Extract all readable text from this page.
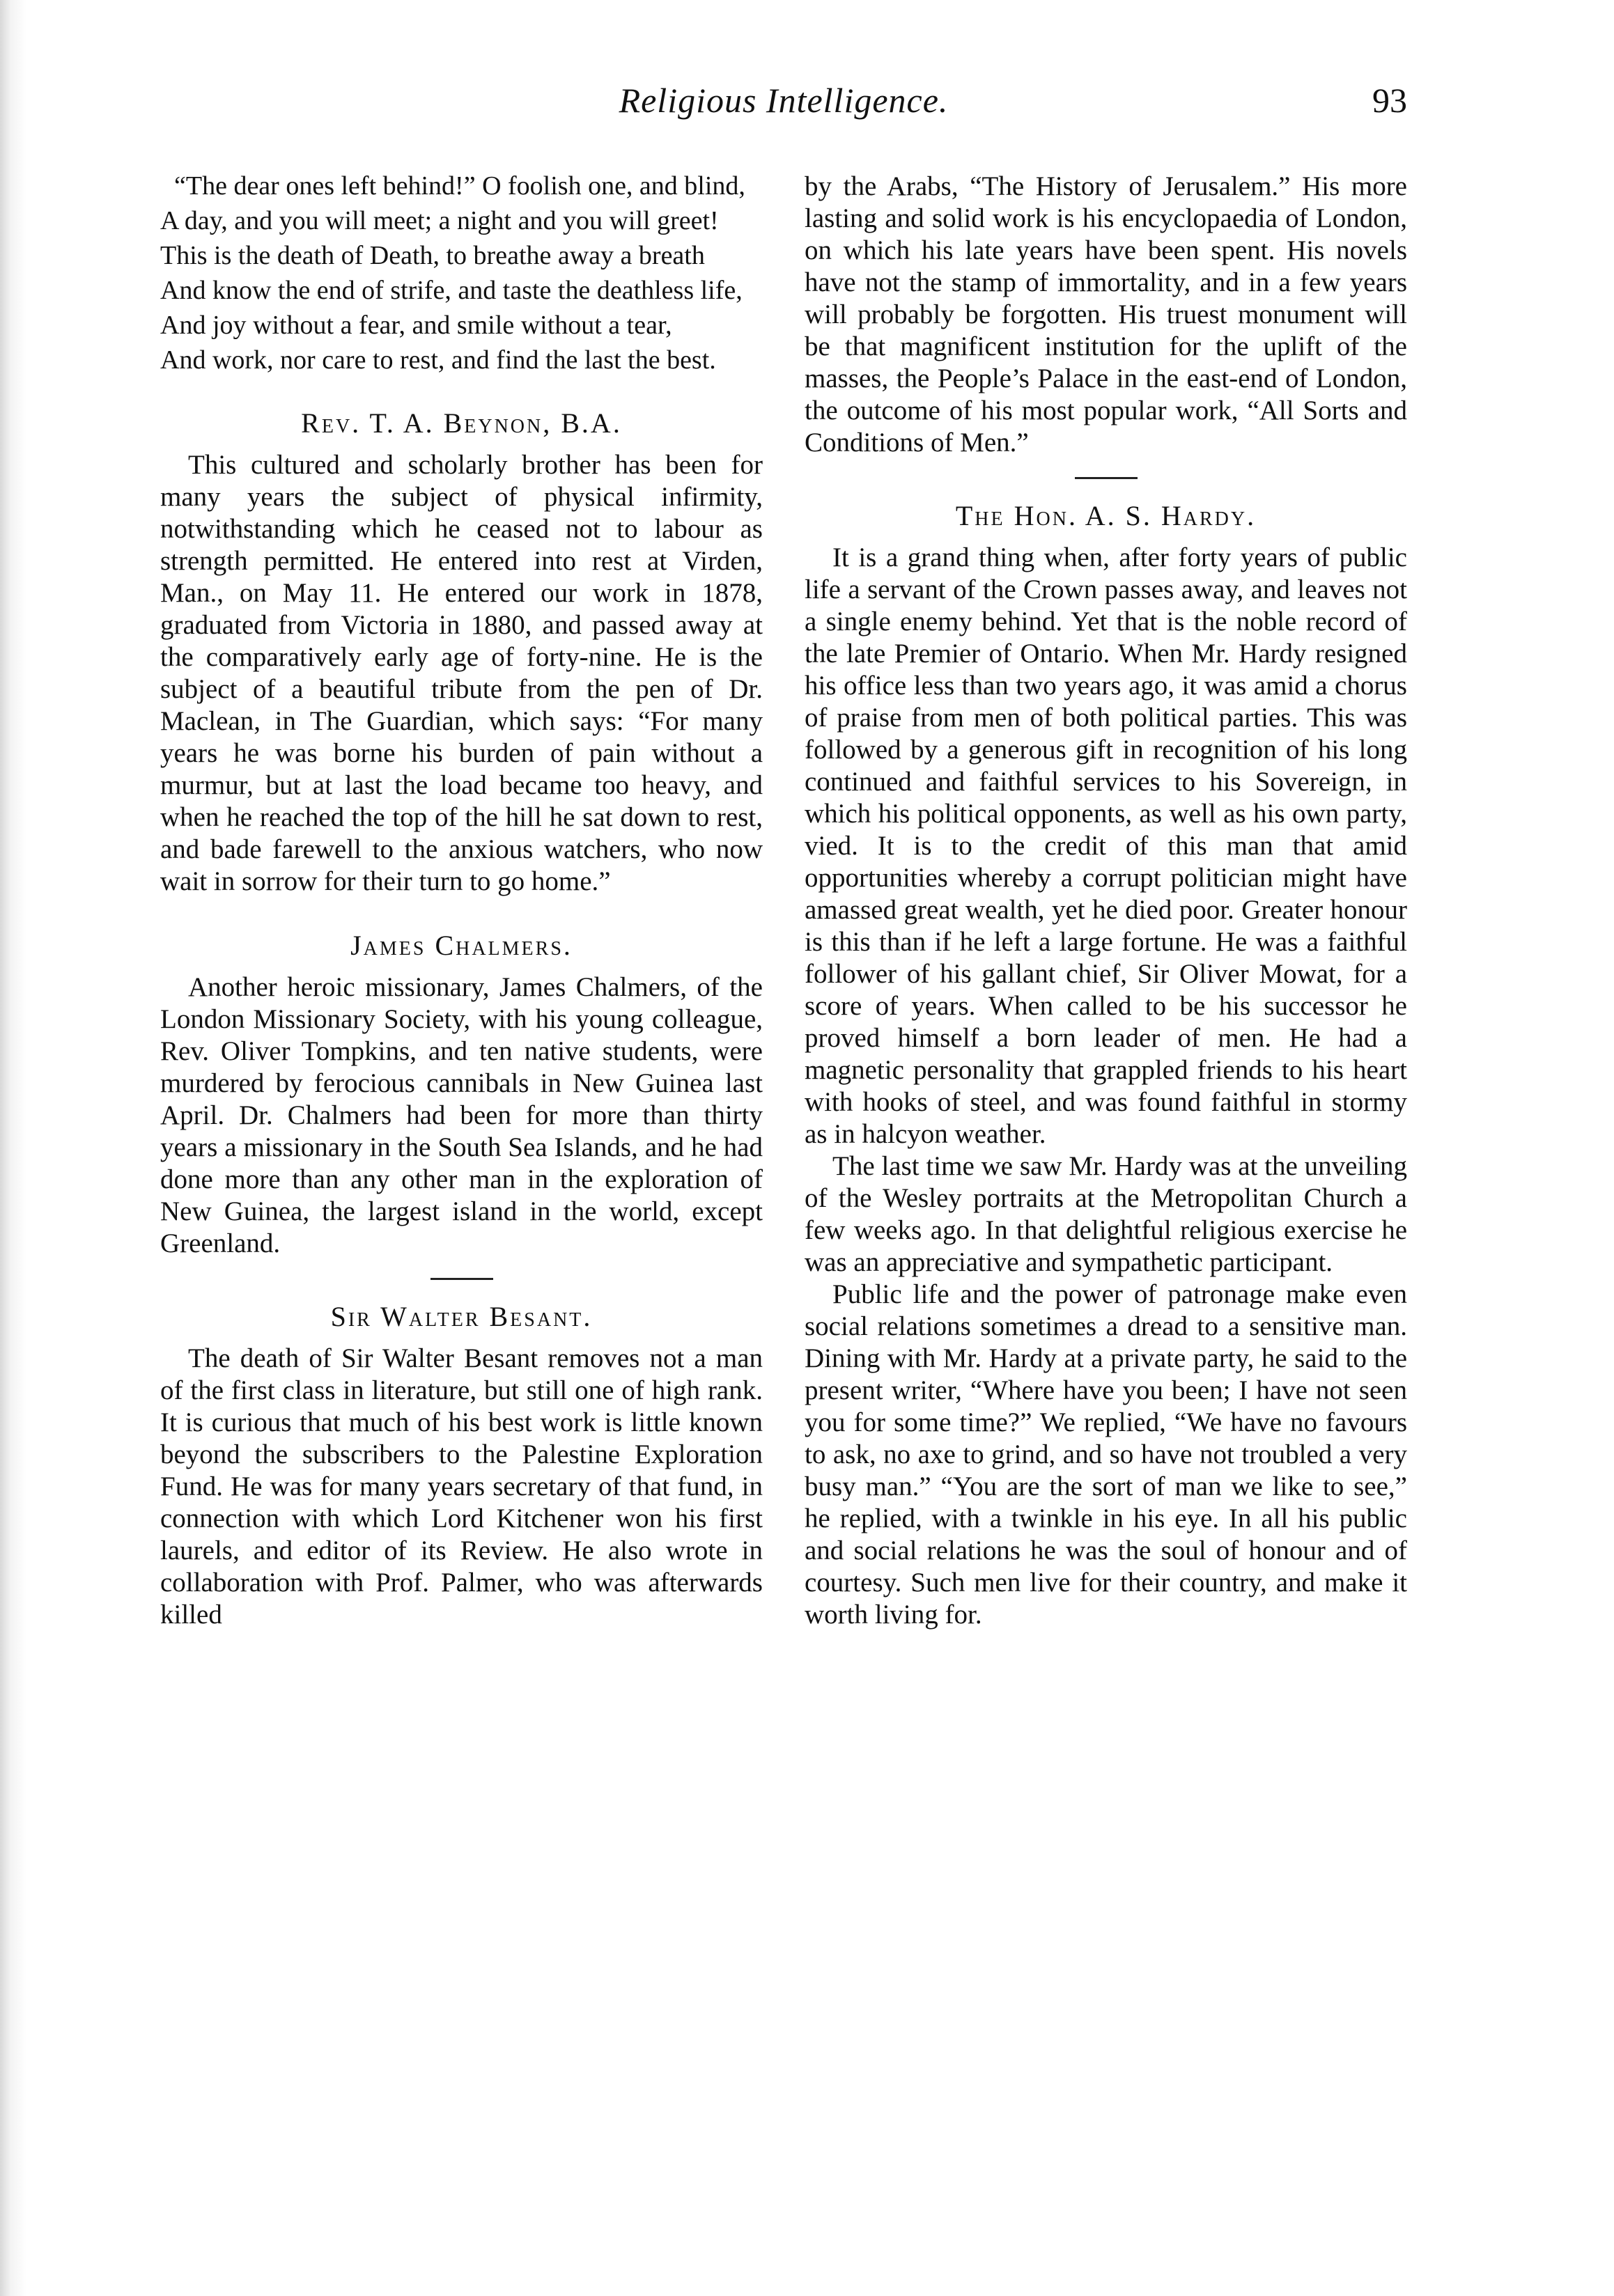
Religious Intelligence.	93
“The dear ones left behind!” O foolish one, and blind,
A day, and you will meet; a night and you will greet!
This is the death of Death, to breathe away a breath
And know the end of strife, and taste the deathless life,
And joy without a fear, and smile without a tear,
And work, nor care to rest, and find the last the best.
Rev. T. A. Beynon, B.A.

This cultured and scholarly brother has been for many years the subject of physical infirmity, notwithstanding which he ceased not to labour as strength permitted. He entered into rest at Virden, Man., on May 11. He entered our work in 1878, graduated from Victoria in 1880, and passed away at the comparatively early age of forty-nine. He is the subject of a beautiful tribute from the pen of Dr. Maclean, in The Guardian, which says: “For many years he was borne his burden of pain without a murmur, but at last the load became too heavy, and when he reached the top of the hill he sat down to rest, and bade farewell to the anxious watchers, who now wait in sorrow for their turn to go home.”

James Chalmers.

Another heroic missionary, James Chalmers, of the London Missionary Society, with his young colleague, Rev. Oliver Tompkins, and ten native students, were murdered by ferocious cannibals in New Guinea last April. Dr. Chalmers had been for more than thirty years a missionary in the South Sea Islands, and he had done more than any other man in the exploration of New Guinea, the largest island in the world, except Greenland.

Sir Walter Besant.

The death of Sir Walter Besant removes not a man of the first class in literature, but still one of high rank. It is curious that much of his best work is little known beyond the subscribers to the Palestine Exploration Fund. He was for many years secretary of that fund, in connection with which Lord Kitchener won his first laurels, and editor of its Review. He also wrote in collaboration with Prof. Palmer, who was afterwards killed

by the Arabs, “The History of Jerusalem.” His more lasting and solid work is his encyclopaedia of London, on which his late years have been spent. His novels have not the stamp of immortality, and in a few years will probably be forgotten. His truest monument will be that magnificent institution for the uplift of the masses, the People’s Palace in the east-end of London, the outcome of his most popular work, “All Sorts and Conditions of Men.”

The Hon. A. S. Hardy.

It is a grand thing when, after forty years of public life a servant of the Crown passes away, and leaves not a single enemy behind. Yet that is the noble record of the late Premier of Ontario. When Mr. Hardy resigned his office less than two years ago, it was amid a chorus of praise from men of both political parties. This was followed by a generous gift in recognition of his long continued and faithful services to his Sovereign, in which his political opponents, as well as his own party, vied. It is to the credit of this man that amid opportunities whereby a corrupt politician might have amassed great wealth, yet he died poor. Greater honour is this than if he left a large fortune. He was a faithful follower of his gallant chief, Sir Oliver Mowat, for a score of years. When called to be his successor he proved himself a born leader of men. He had a magnetic personality that grappled friends to his heart with hooks of steel, and was found faithful in stormy as in halcyon weather.

The last time we saw Mr. Hardy was at the unveiling of the Wesley portraits at the Metropolitan Church a few weeks ago. In that delightful religious exercise he was an appreciative and sympathetic participant.

Public life and the power of patronage make even social relations sometimes a dread to a sensitive man. Dining with Mr. Hardy at a private party, he said to the present writer, “Where have you been; I have not seen you for some time?” We replied, “We have no favours to ask, no axe to grind, and so have not troubled a very busy man.” “You are the sort of man we like to see,” he replied, with a twinkle in his eye. In all his public and social relations he was the soul of honour and of courtesy. Such men live for their country, and make it worth living for.
